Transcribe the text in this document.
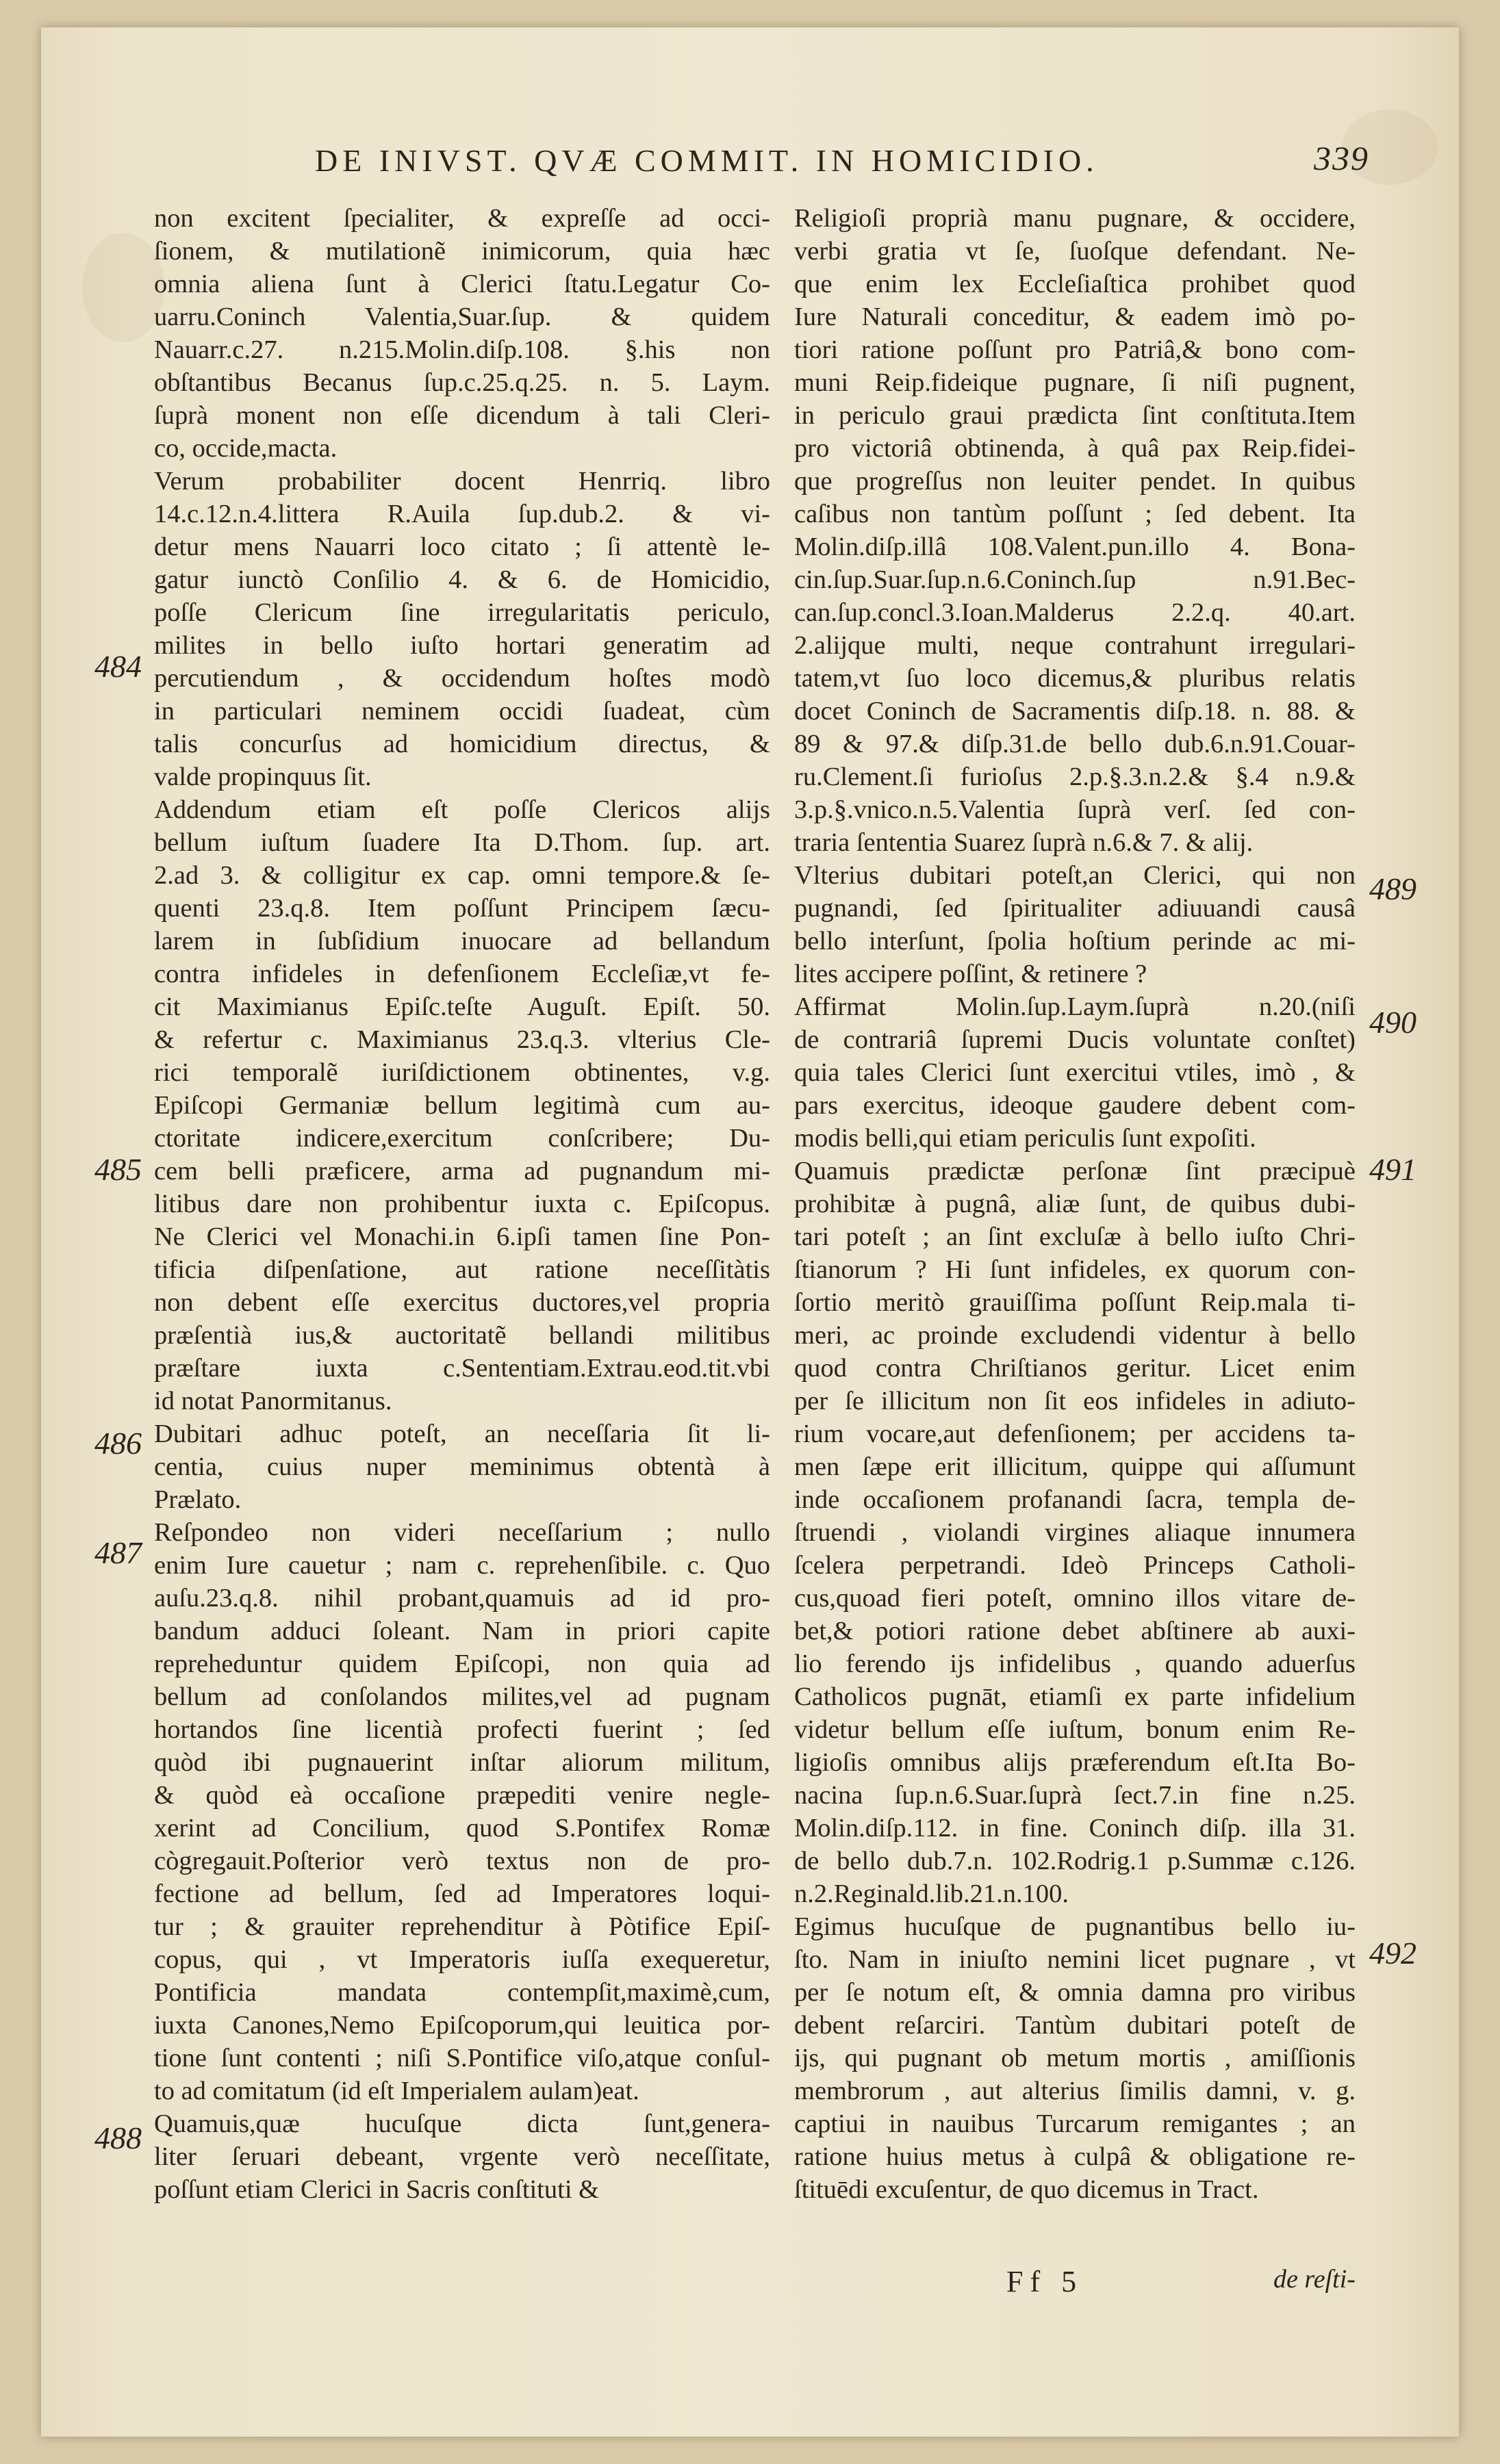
DE INIVST. QVÆ COMMIT. IN HOMICIDIO.	339
non excitent ſpecialiter, & expreſſe ad occi-
ſionem, & mutilationẽ inimicorum, quia hæc
omnia aliena ſunt à Clerici ſtatu.Legatur Co-
uarru.Coninch Valentia,Suar.ſup. & quidem
Nauarr.c.27. n.215.Molin.diſp.108. §.his non
obſtantibus Becanus ſup.c.25.q.25. n. 5. Laym.
ſuprà monent non eſſe dicendum à tali Cleri-
co, occide,macta.
Verum probabiliter docent Henrriq. libro
14.c.12.n.4.littera R.Auila ſup.dub.2. & vi-
detur mens Nauarri loco citato ; ſi attentè le-
gatur iunctò Conſilio 4. & 6. de Homicidio,
poſſe Clericum ſine irregularitatis periculo,
milites in bello iuſto hortari generatim ad
percutiendum , & occidendum hoſtes modò
in particulari neminem occidi ſuadeat, cùm
talis concurſus ad homicidium directus, &
valde propinquus ſit.
Addendum etiam eſt poſſe Clericos alijs
bellum iuſtum ſuadere Ita D.Thom. ſup. art.
2.ad 3. & colligitur ex cap. omni tempore.& ſe-
quenti 23.q.8. Item poſſunt Principem ſæcu-
larem in ſubſidium inuocare ad bellandum
contra infideles in defenſionem Eccleſiæ,vt fe-
cit Maximianus Epiſc.teſte Auguſt. Epiſt. 50.
& refertur c. Maximianus 23.q.3. vlterius Cle-
rici temporalẽ iuriſdictionem obtinentes, v.g.
Epiſcopi Germaniæ bellum legitimà cum au-
ctoritate indicere,exercitum conſcribere; Du-
cem belli præficere, arma ad pugnandum mi-
litibus dare non prohibentur iuxta c. Epiſcopus.
Ne Clerici vel Monachi.in 6.ipſi tamen ſine Pon-
tificia diſpenſatione, aut ratione neceſſitàtis
non debent eſſe exercitus ductores,vel propria
præſentià ius,& auctoritatẽ bellandi militibus
præſtare iuxta c.Sententiam.Extrau.eod.tit.vbi
id notat Panormitanus.
Dubitari adhuc poteſt, an neceſſaria ſit li-
centia, cuius nuper meminimus obtentà à
Prælato.
Reſpondeo non videri neceſſarium ; nullo
enim Iure cauetur ; nam c. reprehenſibile. c. Quo
auſu.23.q.8. nihil probant,quamuis ad id pro-
bandum adduci ſoleant. Nam in priori capite
repreheduntur quidem Epiſcopi, non quia ad
bellum ad conſolandos milites,vel ad pugnam
hortandos ſine licentià profecti fuerint ; ſed
quòd ibi pugnauerint inſtar aliorum militum,
& quòd eà occaſione præpediti venire negle-
xerint ad Concilium, quod S.Pontifex Romæ
cògregauit.Poſterior verò textus non de pro-
fectione ad bellum, ſed ad Imperatores loqui-
tur ; & grauiter reprehenditur à Pòtifice Epiſ-
copus, qui , vt Imperatoris iuſſa exequeretur,
Pontificia mandata contempſit,maximè,cum,
iuxta Canones,Nemo Epiſcoporum,qui leuitica por-
tione ſunt contenti ; niſi S.Pontifice viſo,atque conſul-
to ad comitatum (id eſt Imperialem aulam)eat.
Quamuis,quæ hucuſque dicta ſunt,genera-
liter ſeruari debeant, vrgente verò neceſſitate,
poſſunt etiam Clerici in Sacris conſtituti &
Religioſi proprià manu pugnare, & occidere,
verbi gratia vt ſe, ſuoſque defendant. Ne-
que enim lex Eccleſiaſtica prohibet quod
Iure Naturali conceditur, & eadem imò po-
tiori ratione poſſunt pro Patriâ,& bono com-
muni Reip.fideique pugnare, ſi niſi pugnent,
in periculo graui prædicta ſint conſtituta.Item
pro victoriâ obtinenda, à quâ pax Reip.fidei-
que progreſſus non leuiter pendet. In quibus
caſibus non tantùm poſſunt ; ſed debent. Ita
Molin.diſp.illâ 108.Valent.pun.illo 4. Bona-
cin.ſup.Suar.ſup.n.6.Coninch.ſup n.91.Bec-
can.ſup.concl.3.Ioan.Malderus 2.2.q. 40.art.
2.alijque multi, neque contrahunt irregulari-
tatem,vt ſuo loco dicemus,& pluribus relatis
docet Coninch de Sacramentis diſp.18. n. 88. &
89 & 97.& diſp.31.de bello dub.6.n.91.Couar-
ru.Clement.ſi furioſus 2.p.§.3.n.2.& §.4 n.9.&
3.p.§.vnico.n.5.Valentia ſuprà verſ. ſed con-
traria ſententia Suarez ſuprà n.6.& 7. & alij.
Vlterius dubitari poteſt,an Clerici, qui non
pugnandi, ſed ſpiritualiter adiuuandi causâ
bello interſunt, ſpolia hoſtium perinde ac mi-
lites accipere poſſint, & retinere ?
Affirmat Molin.ſup.Laym.ſuprà n.20.(niſi
de contrariâ ſupremi Ducis voluntate conſtet)
quia tales Clerici ſunt exercitui vtiles, imò , &
pars exercitus, ideoque gaudere debent com-
modis belli,qui etiam periculis ſunt expoſiti.
Quamuis prædictæ perſonæ ſint præcipuè
prohibitæ à pugnâ, aliæ ſunt, de quibus dubi-
tari poteſt ; an ſint excluſæ à bello iuſto Chri-
ſtianorum ? Hi ſunt infideles, ex quorum con-
ſortio meritò grauiſſima poſſunt Reip.mala ti-
meri, ac proinde excludendi videntur à bello
quod contra Chriſtianos geritur. Licet enim
per ſe illicitum non ſit eos infideles in adiuto-
rium vocare,aut defenſionem; per accidens ta-
men ſæpe erit illicitum, quippe qui aſſumunt
inde occaſionem profanandi ſacra, templa de-
ſtruendi , violandi virgines aliaque innumera
ſcelera perpetrandi. Ideò Princeps Catholi-
cus,quoad fieri poteſt, omnino illos vitare de-
bet,& potiori ratione debet abſtinere ab auxi-
lio ferendo ijs infidelibus , quando aduerſus
Catholicos pugnāt, etiamſi ex parte infidelium
videtur bellum eſſe iuſtum, bonum enim Re-
ligioſis omnibus alijs præferendum eſt.Ita Bo-
nacina ſup.n.6.Suar.ſuprà ſect.7.in fine n.25.
Molin.diſp.112. in fine. Coninch diſp. illa 31.
de bello dub.7.n. 102.Rodrig.1 p.Summæ c.126.
n.2.Reginald.lib.21.n.100.
Egimus hucuſque de pugnantibus bello iu-
ſto. Nam in iniuſto nemini licet pugnare , vt
per ſe notum eſt, & omnia damna pro viribus
debent reſarciri. Tantùm dubitari poteſt de
ijs, qui pugnant ob metum mortis , amiſſionis
membrorum , aut alterius ſimilis damni, v. g.
captiui in nauibus Turcarum remigantes ; an
ratione huius metus à culpâ & obligatione re-
ſtituēdi excuſentur, de quo dicemus in Tract.
484
485
486
487
488
489
490
491
492
Ff 5	de reſti-
